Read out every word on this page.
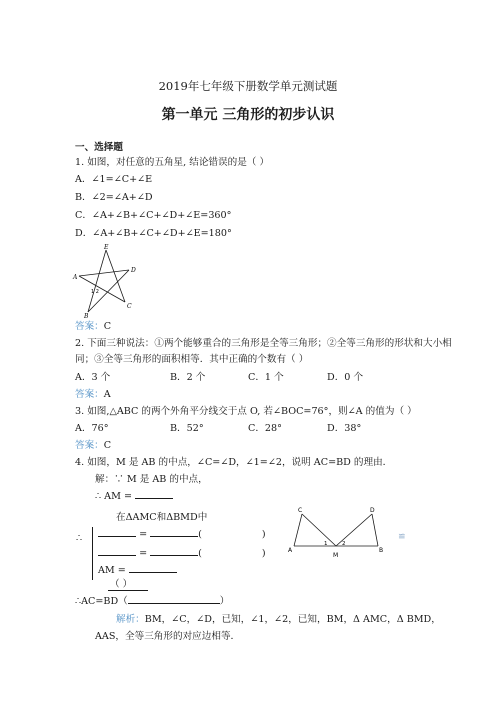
2019年七年级下册数学单元测试题
第一单元 三角形的初步认识
一、选择题
1. 如图，对任意的五角星, 结论错误的是（ ）
A．∠1=∠C+∠E
B．∠2=∠A+∠D
C．∠A+∠B+∠C+∠D+∠E=360°
D．∠A+∠B+∠C+∠D+∠E=180°
E
D
A
C
B
1 2
答案：C
2. 下面三种说法：①两个能够重合的三角形是全等三角形；②全等三角形的形状和大小相
同；③全等三角形的面积相等．其中正确的个数有（ ）
A．3 个	B．2 个	C．1 个	D．0 个
答案：A
3. 如图,△ABC 的两个外角平分线交于点 O, 若∠BOC=76°，则∠A 的值为（ ）
A．76°	B．52°	C．28°	D．38°
答案：C
4. 如图，M 是 AB 的中点，∠C=∠D，∠1=∠2，说明 AC=BD 的理由．
解：∵ M 是 AB 的中点，
∴ AM =
在ΔAMC和ΔBMD中
∴	=	(	)
=	(	)
AM =
（ ）
C	D
A	B
M
1	2
≌
∴AC=BD（	）
解析：BM，∠C，∠D，已知，∠1，∠2，已知，BM，Δ AMC，Δ BMD，
AAS，全等三角形的对应边相等．
